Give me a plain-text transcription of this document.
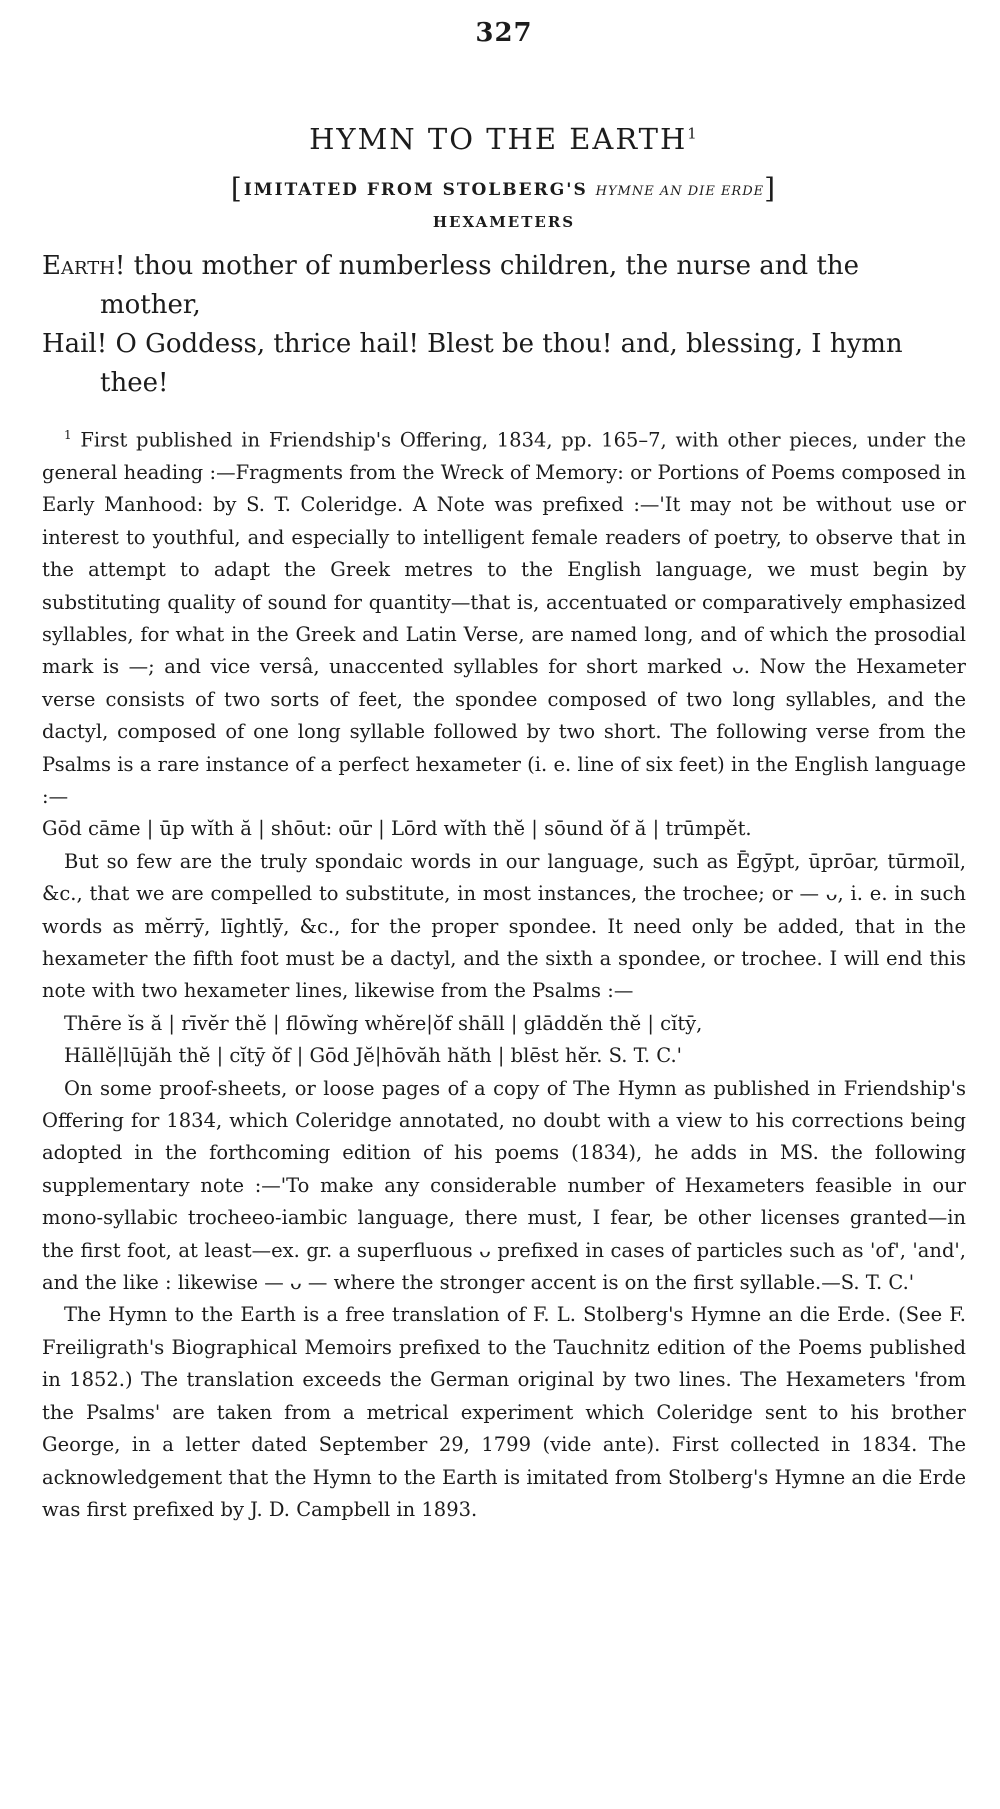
327
HYMN TO THE EARTH$^1$
[IMITATED FROM STOLBERG'S HYMNE AN DIE ERDE]
HEXAMETERS

Earth! thou mother of numberless children, the nurse and the mother,

Hail! O Goddess, thrice hail! Blest be thou! and, blessing, I hymn thee!

$^1$ First published in Friendship's Offering, 1834, pp. 165–7, with other pieces, under the general heading :—Fragments from the Wreck of Memory: or Portions of Poems composed in Early Manhood: by S. T. Coleridge. A Note was prefixed :—'It may not be without use or interest to youthful, and especially to intelligent female readers of poetry, to observe that in the attempt to adapt the Greek metres to the English language, we must begin by substituting quality of sound for quantity—that is, accentuated or comparatively emphasized syllables, for what in the Greek and Latin Verse, are named long, and of which the prosodial mark is —; and vice versâ, unaccented syllables for short marked ᴗ. Now the Hexameter verse consists of two sorts of feet, the spondee composed of two long syllables, and the dactyl, composed of one long syllable followed by two short. The following verse from the Psalms is a rare instance of a perfect hexameter (i. e. line of six feet) in the English language :—

Gōd cāme | ūp wĭth ă | shōut: oūr | Lōrd wĭth thĕ | sōund ŏf ă | trūmpĕt.

But so few are the truly spondaic words in our language, such as Ēgȳpt, ūprōar, tūrmoīl, &c., that we are compelled to substitute, in most instances, the trochee; or — ᴗ, i. e. in such words as mĕrrȳ, līghtlȳ, &c., for the proper spondee. It need only be added, that in the hexameter the fifth foot must be a dactyl, and the sixth a spondee, or trochee. I will end this note with two hexameter lines, likewise from the Psalms :—

Thēre ĭs ă | rīvĕr thĕ | flōwĭng whĕre|ŏf shāll | glāddĕn thĕ | cĭtȳ,

Hāllĕ|lūjăh thĕ | cĭtȳ ŏf | Gōd Jĕ|hōvăh hăth | blēst hĕr. S. T. C.'

On some proof-sheets, or loose pages of a copy of The Hymn as published in Friendship's Offering for 1834, which Coleridge annotated, no doubt with a view to his corrections being adopted in the forthcoming edition of his poems (1834), he adds in MS. the following supplementary note :—'To make any considerable number of Hexameters feasible in our mono-syllabic trocheeo-iambic language, there must, I fear, be other licenses granted—in the first foot, at least—ex. gr. a superfluous ᴗ prefixed in cases of particles such as 'of', 'and', and the like : likewise — ᴗ — where the stronger accent is on the first syllable.—S. T. C.'

The Hymn to the Earth is a free translation of F. L. Stolberg's Hymne an die Erde. (See F. Freiligrath's Biographical Memoirs prefixed to the Tauchnitz edition of the Poems published in 1852.) The translation exceeds the German original by two lines. The Hexameters 'from the Psalms' are taken from a metrical experiment which Coleridge sent to his brother George, in a letter dated September 29, 1799 (vide ante). First collected in 1834. The acknowledgement that the Hymn to the Earth is imitated from Stolberg's Hymne an die Erde was first prefixed by J. D. Campbell in 1893.
